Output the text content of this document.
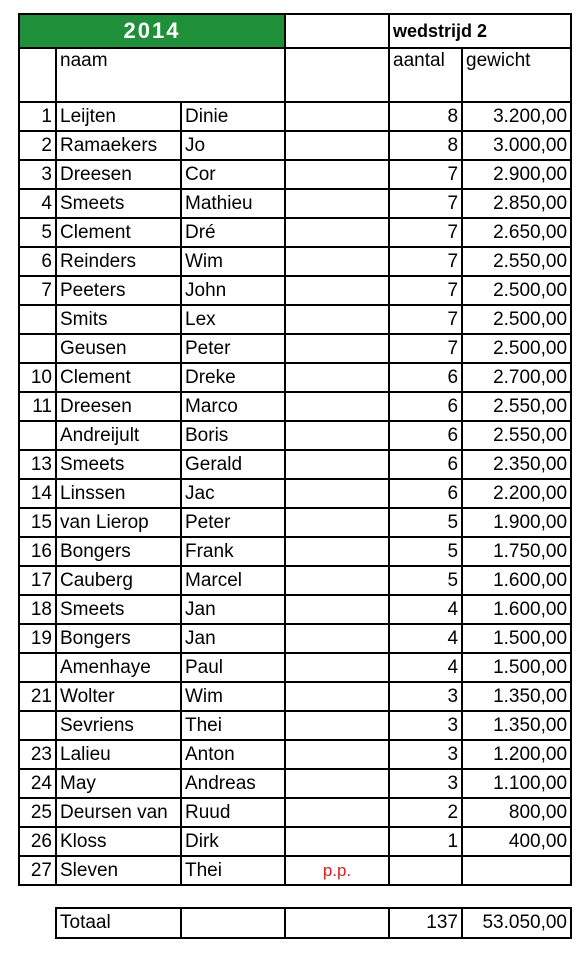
2014				wedstrijd 2	
	naam			aantal	gewicht
1	Leijten	Dinie		8	3.200,00
2	Ramaekers	Jo		8	3.000,00
3	Dreesen	Cor		7	2.900,00
4	Smeets	Mathieu		7	2.850,00
5	Clement	Dré		7	2.650,00
6	Reinders	Wim		7	2.550,00
7	Peeters	John		7	2.500,00
	Smits	Lex		7	2.500,00
	Geusen	Peter		7	2.500,00
10	Clement	Dreke		6	2.700,00
11	Dreesen	Marco		6	2.550,00
	Andreijult	Boris		6	2.550,00
13	Smeets	Gerald		6	2.350,00
14	Linssen	Jac		6	2.200,00
15	van Lierop	Peter		5	1.900,00
16	Bongers	Frank		5	1.750,00
17	Cauberg	Marcel		5	1.600,00
18	Smeets	Jan		4	1.600,00
19	Bongers	Jan		4	1.500,00
	Amenhaye	Paul		4	1.500,00
21	Wolter	Wim		3	1.350,00
	Sevriens	Thei		3	1.350,00
23	Lalieu	Anton		3	1.200,00
24	May	Andreas		3	1.100,00
25	Deursen van	Ruud		2	800,00
26	Kloss	Dirk		1	400,00
27	Sleven	Thei	p.p.		
Totaal			137	53.050,00
